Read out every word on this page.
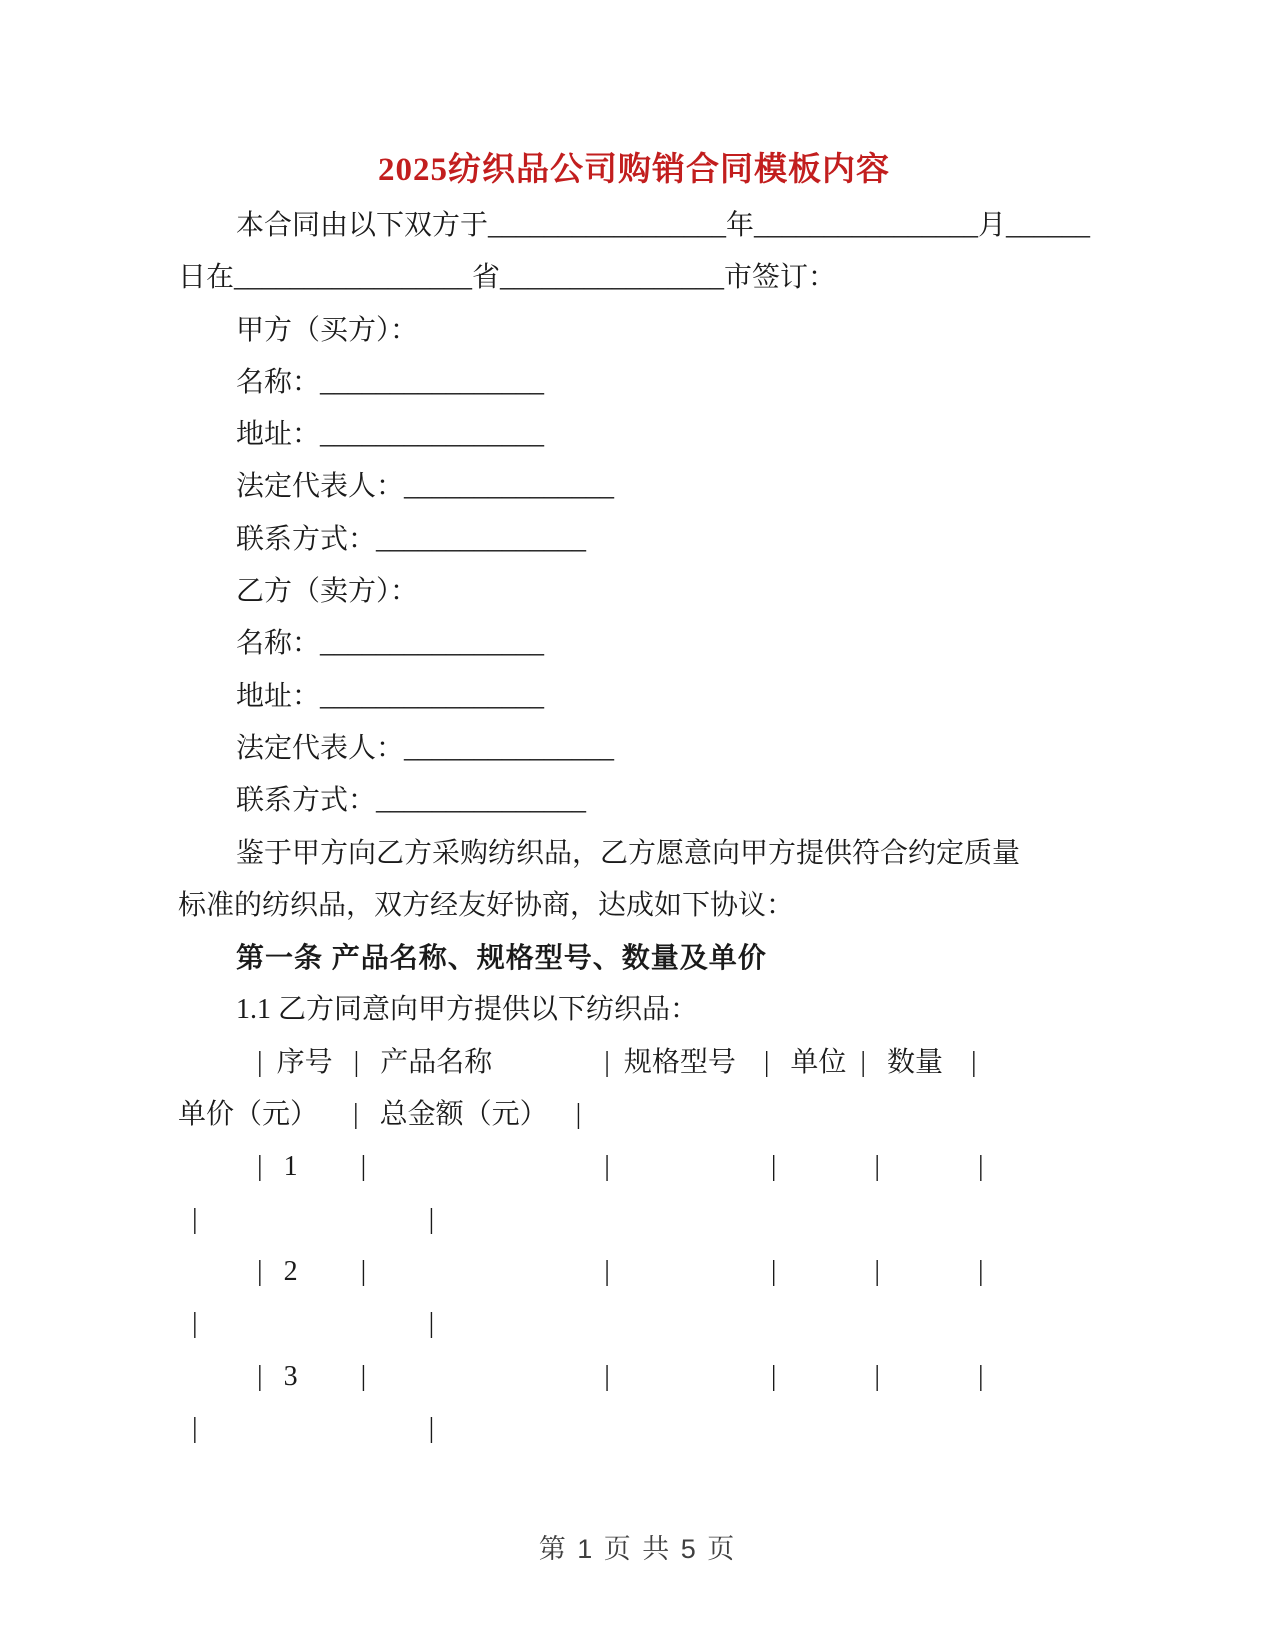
2025纺织品公司购销合同模板内容
本合同由以下双方于_________________年________________月______
日在_________________省________________市签订：
甲方（买方）：
名称：________________
地址：________________
法定代表人：_______________
联系方式：_______________
乙方（卖方）：
名称：________________
地址：________________
法定代表人：_______________
联系方式：_______________
鉴于甲方向乙方采购纺织品，乙方愿意向甲方提供符合约定质量
标准的纺织品，双方经友好协商，达成如下协议：
第一条 产品名称、规格型号、数量及单价
1.1 乙方同意向甲方提供以下纺织品：
|  序号   |   产品名称                |  规格型号    |   单位  |   数量    |
单价（元）     |   总金额（元）    |
|   1         |                                  |                       |              |              |
|                                 |
|   2         |                                  |                       |              |              |
|                                 |
|   3         |                                  |                       |              |              |
|                                 |
第 1 页 共 5 页
